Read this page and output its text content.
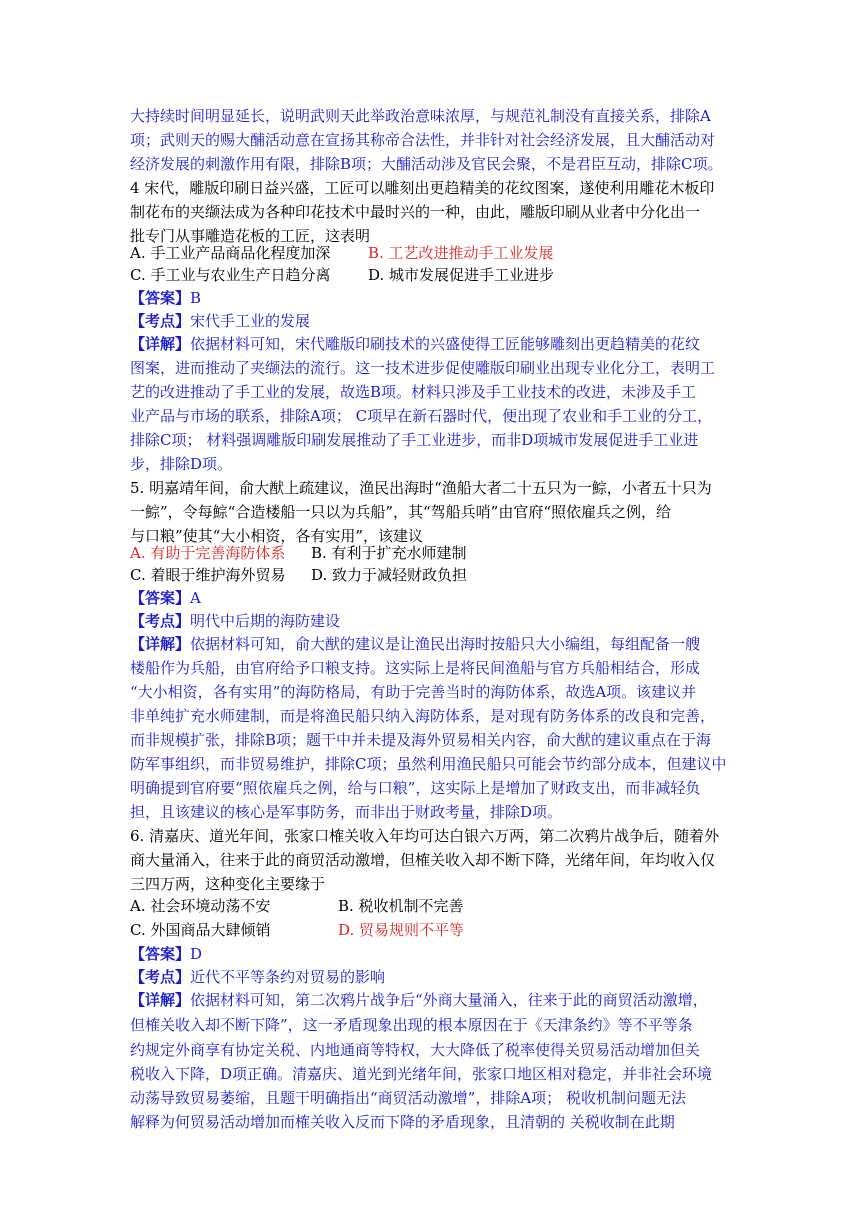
大持续时间明显延长，说明武则天此举政治意味浓厚，与规范礼制没有直接关系，排除A
项；武则天的赐大酺活动意在宣扬其称帝合法性，并非针对社会经济发展，且大酺活动对
经济发展的刺激作用有限，排除B项；大酺活动涉及官民会聚，不是君臣互动，排除C项。
4 宋代，雕版印刷日益兴盛，工匠可以雕刻出更趋精美的花纹图案，遂使利用雕花木板印
制花布的夹缬法成为各种印花技术中最时兴的一种，由此，雕版印刷从业者中分化出一
批专门从事雕造花板的工匠，这表明
A. 手工业产品商品化程度加深	B. 工艺改进推动手工业发展
C. 手工业与农业生产日趋分离	D. 城市发展促进手工业进步
【答案】B
【考点】宋代手工业的发展
【详解】依据材料可知，宋代雕版印刷技术的兴盛使得工匠能够雕刻出更趋精美的花纹
图案，进而推动了夹缬法的流行。这一技术进步促使雕版印刷业出现专业化分工，表明工
艺的改进推动了手工业的发展，故选B项。材料只涉及手工业技术的改进，未涉及手工
业产品与市场的联系，排除A项； C项早在新石器时代，便出现了农业和手工业的分工，
排除C项； 材料强调雕版印刷发展推动了手工业进步，而非D项城市发展促进手工业进
步，排除D项。
5. 明嘉靖年间，俞大猷上疏建议，渔民出海时“渔船大者二十五只为一鯮，小者五十只为
一鯮”，令每鯮“合造楼船一只以为兵船”，其“驾船兵哨”由官府“照依雇兵之例，给
与口粮”使其“大小相资，各有实用”，该建议
A. 有助于完善海防体系 B. 有利于扩充水师建制
C. 着眼于维护海外贸易 D. 致力于减轻财政负担
【答案】A
【考点】明代中后期的海防建设
【详解】依据材料可知，俞大猷的建议是让渔民出海时按船只大小编组，每组配备一艘
楼船作为兵船，由官府给予口粮支持。这实际上是将民间渔船与官方兵船相结合，形成
“大小相资，各有实用”的海防格局，有助于完善当时的海防体系，故选A项。该建议并
非单纯扩充水师建制，而是将渔民船只纳入海防体系，是对现有防务体系的改良和完善，
而非规模扩张，排除B项；题干中并未提及海外贸易相关内容，俞大猷的建议重点在于海
防军事组织，而非贸易维护，排除C项；虽然利用渔民船只可能会节约部分成本，但建议中
明确提到官府要“照依雇兵之例，给与口粮”，这实际上是增加了财政支出，而非减轻负
担，且该建议的核心是军事防务，而非出于财政考量，排除D项。
6. 清嘉庆、道光年间，张家口榷关收入年均可达白银六万两，第二次鸦片战争后，随着外
商大量涌入，往来于此的商贸活动激增，但榷关收入却不断下降，光绪年间，年均收入仅
三四万两，这种变化主要缘于
A. 社会环境动荡不安	B. 税收机制不完善
C. 外国商品大肆倾销	D. 贸易规则不平等
【答案】D
【考点】近代不平等条约对贸易的影响
【详解】依据材料可知，第二次鸦片战争后“外商大量涌入，往来于此的商贸活动激增，
但榷关收入却不断下降”，这一矛盾现象出现的根本原因在于《天津条约》等不平等条
约规定外商享有协定关税、内地通商等特权，大大降低了税率使得关贸易活动增加但关
税收入下降，D项正确。清嘉庆、道光到光绪年间，张家口地区相对稳定，并非社会环境
动荡导致贸易萎缩，且题干明确指出“商贸活动激增”，排除A项； 税收机制问题无法
解释为何贸易活动增加而榷关收入反而下降的矛盾现象，且清朝的 关税收制在此期
